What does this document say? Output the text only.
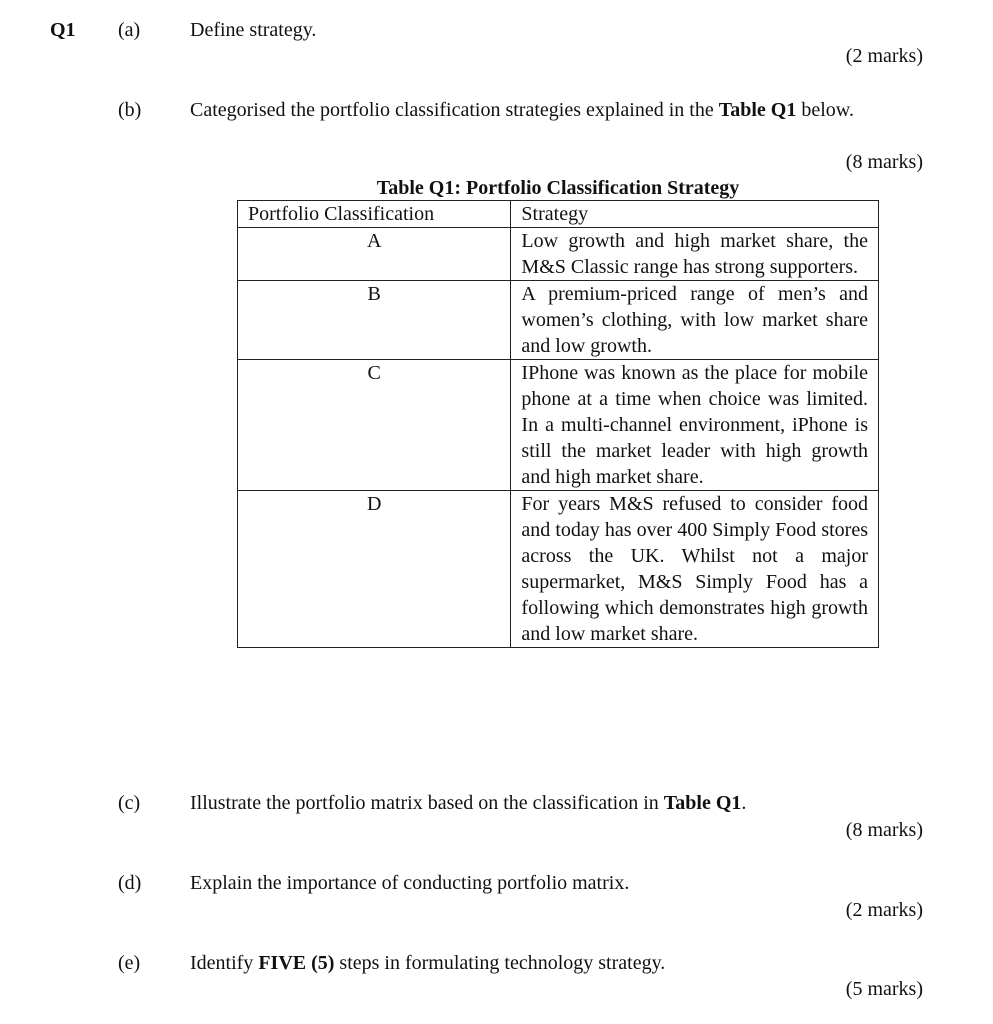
Q1 (a) Define strategy.
(2 marks)
(b) Categorised the portfolio classification strategies explained in the Table Q1 below.
(8 marks)
Table Q1: Portfolio Classification Strategy
Portfolio Classification	Strategy
A	Low growth and high market share, the M&S Classic range has strong supporters.
B	A premium-priced range of men’s and women’s clothing, with low market share and low growth.
C	IPhone was known as the place for mobile phone at a time when choice was limited. In a multi-channel environment, iPhone is still the market leader with high growth and high market share.
D	For years M&S refused to consider food and today has over 400 Simply Food stores across the UK. Whilst not a major supermarket, M&S Simply Food has a following which demonstrates high growth and low market share.
(c) Illustrate the portfolio matrix based on the classification in Table Q1.
(8 marks)
(d) Explain the importance of conducting portfolio matrix.
(2 marks)
(e) Identify FIVE (5) steps in formulating technology strategy.
(5 marks)
